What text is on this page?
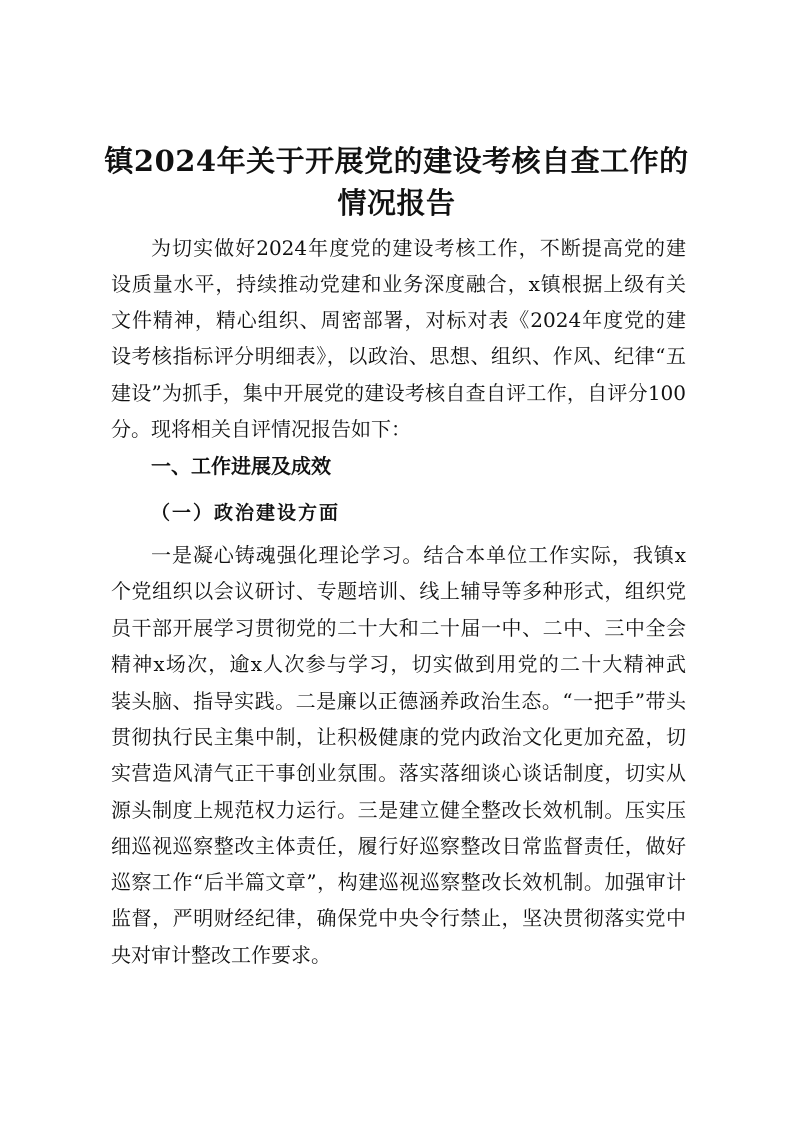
镇2024年关于开展党的建设考核自查工作的
情况报告
为切实做好2024年度党的建设考核工作，不断提高党的建
设质量水平，持续推动党建和业务深度融合，x镇根据上级有关
文件精神，精心组织、周密部署，对标对表《2024年度党的建
设考核指标评分明细表》，以政治、思想、组织、作风、纪律“五
建设”为抓手，集中开展党的建设考核自查自评工作，自评分100
分。现将相关自评情况报告如下：
一、工作进展及成效
（一）政治建设方面
一是凝心铸魂强化理论学习。结合本单位工作实际，我镇x
个党组织以会议研讨、专题培训、线上辅导等多种形式，组织党
员干部开展学习贯彻党的二十大和二十届一中、二中、三中全会
精神x场次，逾x人次参与学习，切实做到用党的二十大精神武
装头脑、指导实践。二是廉以正德涵养政治生态。“一把手”带头
贯彻执行民主集中制，让积极健康的党内政治文化更加充盈，切
实营造风清气正干事创业氛围。落实落细谈心谈话制度，切实从
源头制度上规范权力运行。三是建立健全整改长效机制。压实压
细巡视巡察整改主体责任，履行好巡察整改日常监督责任，做好
巡察工作“后半篇文章”，构建巡视巡察整改长效机制。加强审计
监督，严明财经纪律，确保党中央令行禁止，坚决贯彻落实党中
央对审计整改工作要求。
